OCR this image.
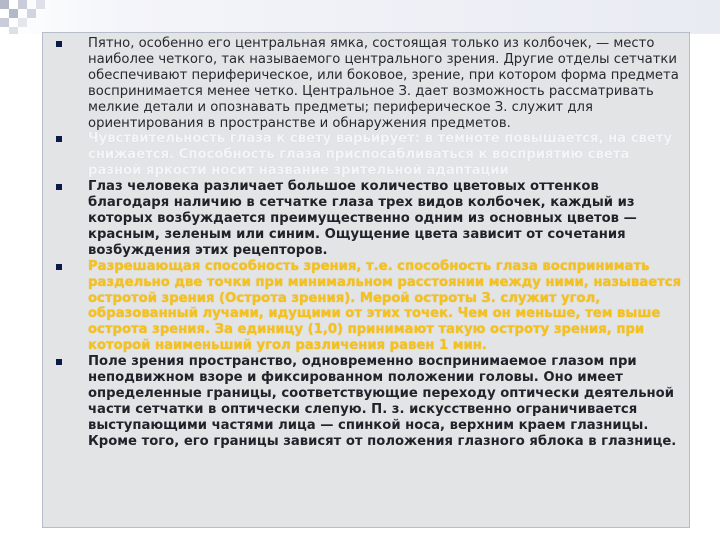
Пятно, особенно его центральная ямка, состоящая только из колбочек, — место наиболее четкого, так называемого центрального зрения. Другие отделы сетчатки обеспечивают периферическое, или боковое, зрение, при котором форма предмета воспринимается менее четко. Центральное З. дает возможность рассматривать мелкие детали и опознавать предметы; периферическое З. служит для ориентирования в пространстве и обнаружения предметов.
Чувствительность глаза к свету варьирует: в темноте повышается, на свету снижается. Способность глаза приспосабливаться к восприятию света разной яркости носит название зрительной адаптации
Глаз человека различает большое количество цветовых оттенков благодаря наличию в сетчатке глаза трех видов колбочек, каждый из которых возбуждается преимущественно одним из основных цветов — красным, зеленым или синим. Ощущение цвета зависит от сочетания возбуждения этих рецепторов.
Разрешающая способность зрения, т.е. способность глаза воспринимать раздельно две точки при минимальном расстоянии между ними, называется остротой зрения (Острота зрения). Мерой остроты З. служит угол, образованный лучами, идущими от этих точек. Чем он меньше, тем выше острота зрения. За единицу (1,0) принимают такую остроту зрения, при которой наименьший угол различения равен 1 мин.
Поле зрения пространство, одновременно воспринимаемое глазом при неподвижном взоре и фиксированном положении головы. Оно имеет определенные границы, соответствующие переходу оптически деятельной части сетчатки в оптически слепую. П. з. искусственно ограничивается выступающими частями лица — спинкой носа, верхним краем глазницы. Кроме того, его границы зависят от положения глазного яблока в глазнице.
